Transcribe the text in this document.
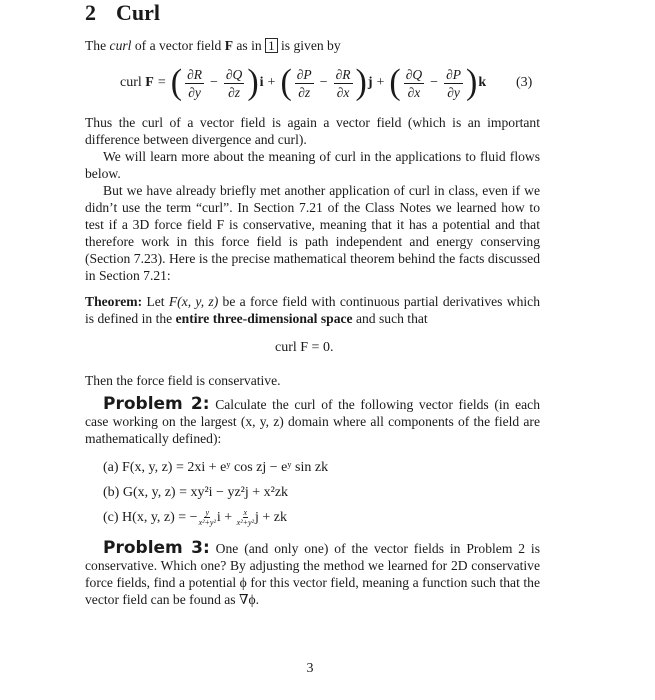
2 Curl
The curl of a vector field F as in 1 is given by
curl
F = ( $\frac{\partial R}{\partial y} - \frac{\partial Q}{\partial z}$ ) i + ( $\frac{\partial P}{\partial z} - \frac{\partial R}{\partial x}$ ) j + ( $\frac{\partial Q}{\partial x} - \frac{\partial P}{\partial y}$ ) k (3)
Thus the curl of a vector field is again a vector field (which is an important difference between divergence and curl).
We will learn more about the meaning of curl in the applications to fluid flows below.
But we have already briefly met another application of curl in class, even if we didn’t use the term “curl”. In Section 7.21 of the Class Notes we learned how to test if a 3D force field F is conservative, meaning that it has a potential and that therefore work in this force field is path independent and energy conserving (Section 7.23). Here is the precise mathematical theorem behind the facts discussed in Section 7.21:
Theorem: Let F(x, y, z) be a force field with continuous partial derivatives which is defined in the entire three-dimensional space and such that
curl F = 0.
Then the force field is conservative.
Problem 2: Calculate the curl of the following vector fields (in each case working on the largest (x, y, z) domain where all components of the field are mathematically defined):
(a)
F(x, y, z) = 2xi + eʸ cos zj − eʸ sin zk
(b)
G(x, y, z) = xy²i − yz²j + x²zk
(c)
H(x, y, z) = − $\frac{y}{\text{x²+y²}}$ i +
$\frac{x}{\text{x²+y²}}$ j + zk
Problem 3: One (and only one) of the vector fields in Problem 2 is conservative. Which one? By adjusting the method we learned for 2D conservative force fields, find a potential ϕ for this vector field, meaning a function such that the vector field can be found as ∇ϕ.
3
